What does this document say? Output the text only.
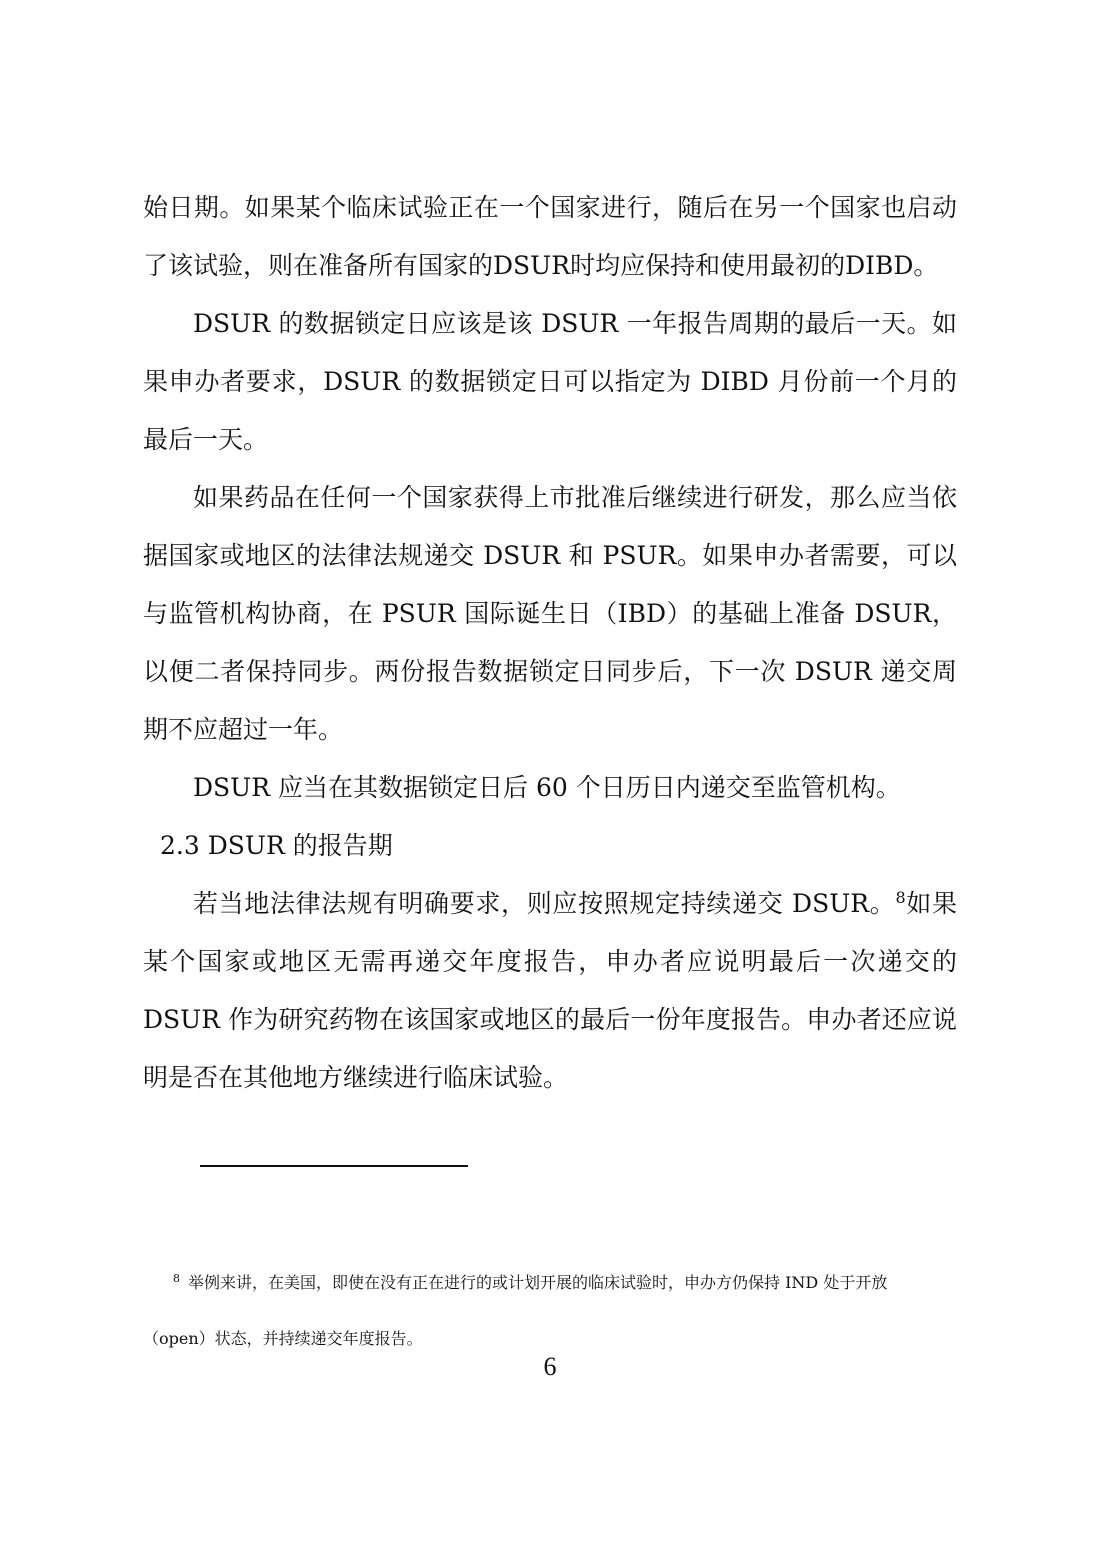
始日期。如果某个临床试验正在一个国家进行，随后在另一个国家也启动了该试验，则在准备所有国家的DSUR时均应保持和使用最初的DIBD。

DSUR 的数据锁定日应该是该 DSUR 一年报告周期的最后一天。如果申办者要求，DSUR 的数据锁定日可以指定为 DIBD 月份前一个月的最后一天。

如果药品在任何一个国家获得上市批准后继续进行研发，那么应当依据国家或地区的法律法规递交 DSUR 和 PSUR。如果申办者需要，可以与监管机构协商，在 PSUR 国际诞生日（IBD）的基础上准备 DSUR，以便二者保持同步。两份报告数据锁定日同步后，下一次 DSUR 递交周期不应超过一年。

DSUR 应当在其数据锁定日后 60 个日历日内递交至监管机构。

2.3 DSUR 的报告期

若当地法律法规有明确要求，则应按照规定持续递交 DSUR。$^8$如果某个国家或地区无需再递交年度报告，申办者应说明最后一次递交的 DSUR 作为研究药物在该国家或地区的最后一份年度报告。申办者还应说明是否在其他地方继续进行临床试验。

$^8$ 举例来讲，在美国，即使在没有正在进行的或计划开展的临床试验时，申办方仍保持 IND 处于开放
（open）状态，并持续递交年度报告。
6
